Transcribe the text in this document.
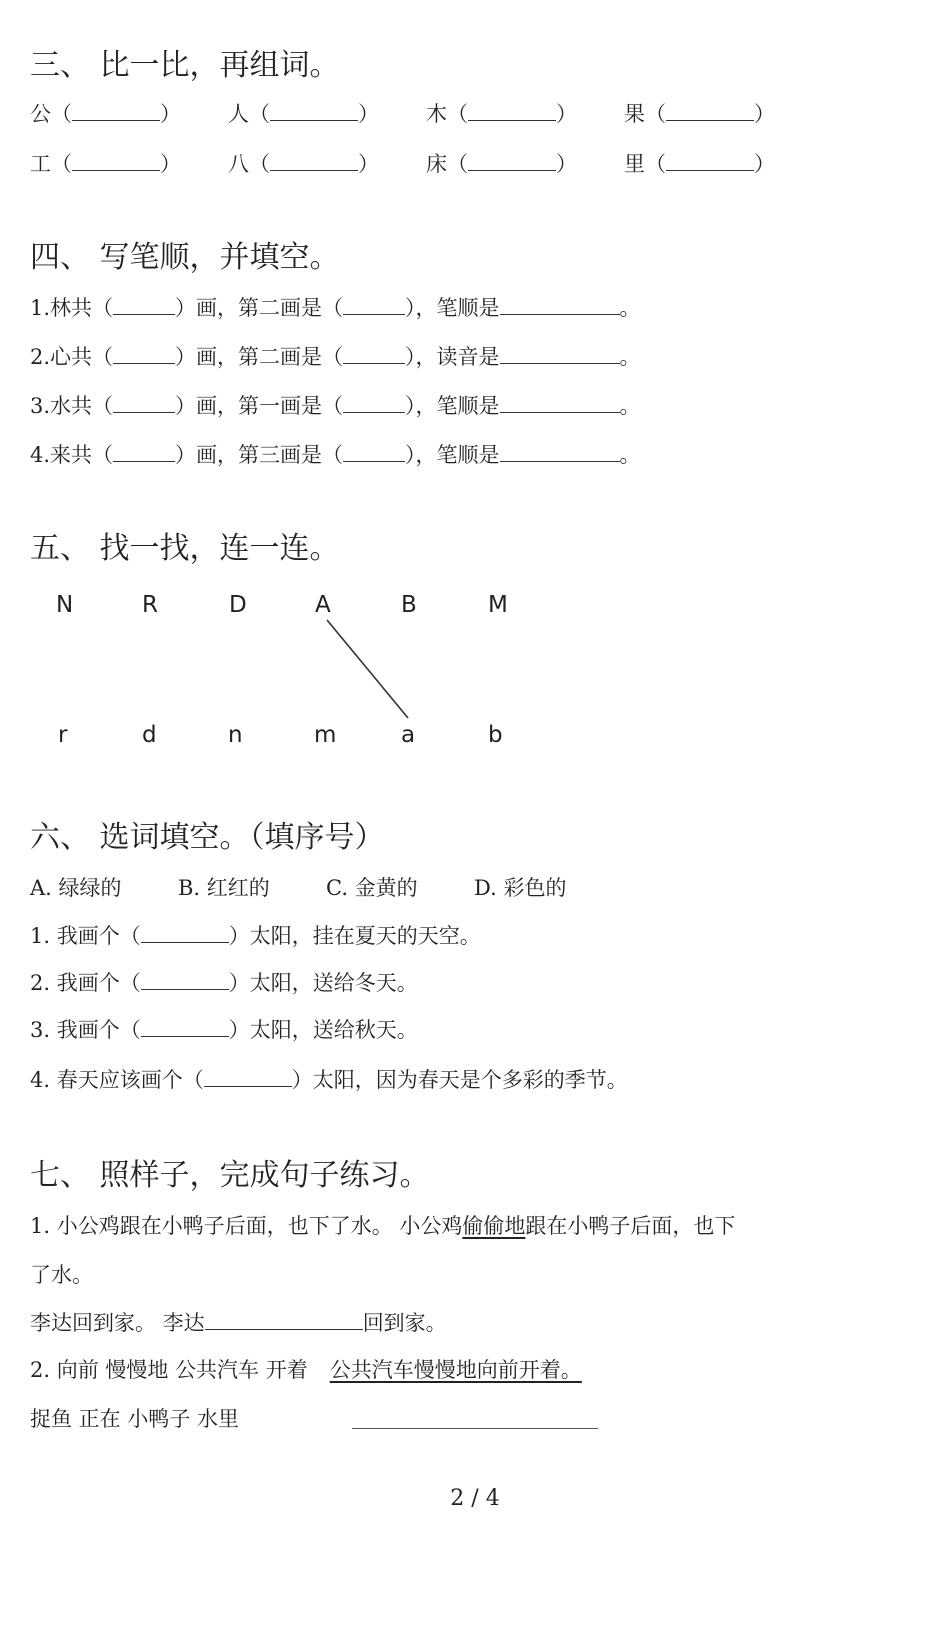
三、 比一比，再组词。
公（	） 人（	） 木（	） 果（	）
工（	） 八（	） 床（	） 里（	）
四、 写笔顺，并填空。
1.林共（	）画，第二画是（	），笔顺是	。
2.心共（	）画，第二画是（	），读音是	。
3.水共（	）画，第一画是（	），笔顺是	。
4.来共（	）画，第三画是（	），笔顺是	。
五、 找一找，连一连。
N	R	D	A	B	M
r	d	n	m	a	b
六、 选词填空。（填序号）
A. 绿绿的	B. 红红的	C. 金黄的	D. 彩色的
1. 我画个（	）太阳，挂在夏天的天空。
2. 我画个（	）太阳，送给冬天。
3. 我画个（	）太阳，送给秋天。
4. 春天应该画个（	）太阳，因为春天是个多彩的季节。
七、 照样子，完成句子练习。
1. 小公鸡跟在小鸭子后面，也下了水。 小公鸡偷偷地跟在小鸭子后面，也下
了水。
李达回到家。 李达	回到家。
2. 向前 慢慢地 公共汽车 开着 公共汽车慢慢地向前开着。
捉鱼 正在 小鸭子 水里
2 / 4
